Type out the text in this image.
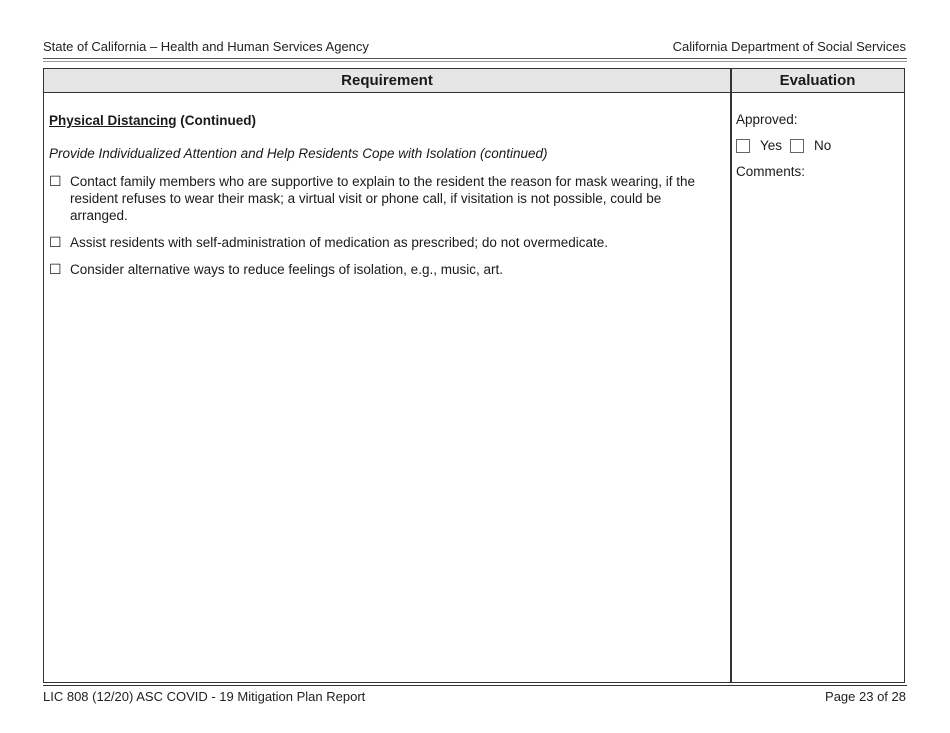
State of California – Health and Human Services Agency	California Department of Social Services
Requirement	Evaluation
Physical Distancing (Continued)
Provide Individualized Attention and Help Residents Cope with Isolation (continued)
☐ Contact family members who are supportive to explain to the resident the reason for mask wearing, if the resident refuses to wear their mask; a virtual visit or phone call, if visitation is not possible, could be arranged.
☐ Assist residents with self-administration of medication as prescribed; do not overmedicate.
☐ Consider alternative ways to reduce feelings of isolation, e.g., music, art.
Approved:
Yes No
Comments:
LIC 808 (12/20) ASC COVID - 19 Mitigation Plan Report	Page 23 of 28
